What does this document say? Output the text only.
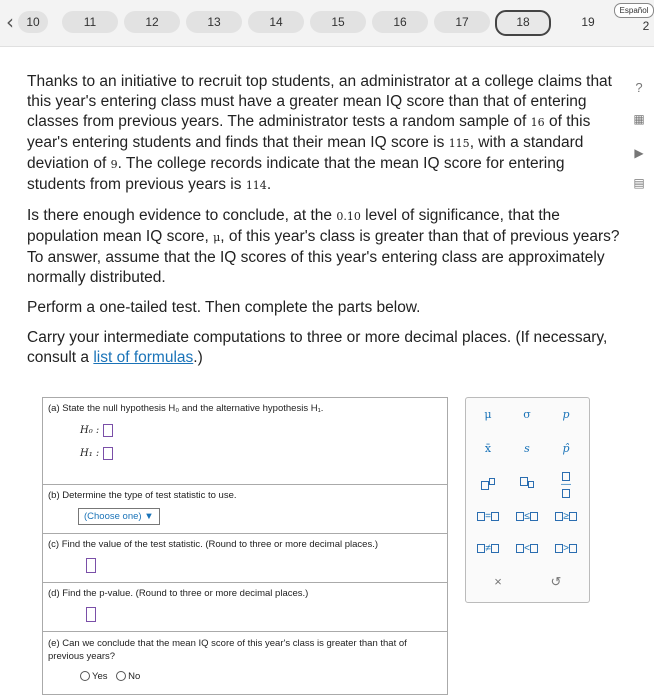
‹	10	11	12	13	14	15	16	17	18	19	2
Español

Thanks to an initiative to recruit top students, an administrator at a college claims that this year's entering class must have a greater mean IQ score than that of entering classes from previous years. The administrator tests a random sample of 16 of this year's entering students and finds that their mean IQ score is 115, with a standard deviation of 9. The college records indicate that the mean IQ score for entering students from previous years is 114.

Is there enough evidence to conclude, at the 0.10 level of significance, that the population mean IQ score, μ, of this year's class is greater than that of previous years? To answer, assume that the IQ scores of this year's entering class are approximately normally distributed.

Perform a one-tailed test. Then complete the parts below.

Carry your intermediate computations to three or more decimal places. (If necessary, consult a list of formulas.)

?
▦
▶
▤
(a) State the null hypothesis H₀ and the alternative hypothesis H₁.
H₀ :
H₁ :
(b) Determine the type of test statistic to use.
(Choose one) ▼
(c) Find the value of the test statistic. (Round to three or more decimal places.)
(d) Find the p-value. (Round to three or more decimal places.)
(e) Can we conclude that the mean IQ score of this year's class is greater than that of previous years?
Yes No
μ	σ	p
x̄	s	p̂

—

=	≤	≥
≠	<	>
×	↺
